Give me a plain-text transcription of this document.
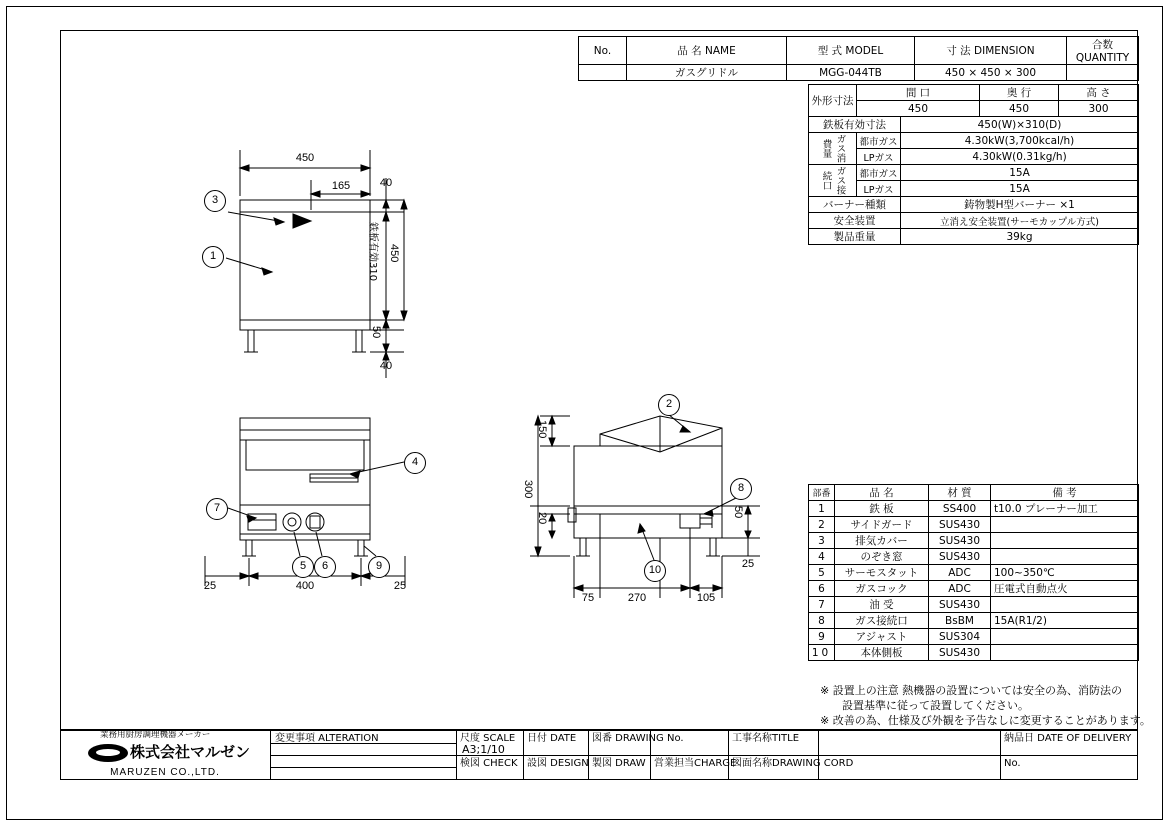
No.	品 名 NAME	型 式 MODEL	寸 法 DIMENSION	合数 QUANTITY
	ガスグリドル	MGG-044TB	450 × 450 × 300	
外形寸法	間 口		奥 行	高 さ
	450		450	300
鉄板有効寸法		450(W)×310(D)		
ガス消費量	都市ガス	4.30kW(3,700kcal/h)		
	LPガス	4.30kW(0.31kg/h)		
ガス接続口	都市ガス	15A		
	LPガス	15A		
バーナー種類		鋳物製H型バーナー ×1		
安全装置		立消え安全装置(サーモカップル方式)		
製品重量		39kg		
部番	品 名	材 質	備 考
1	鉄 板	SS400	t10.0 プレーナー加工
2	サイドガード	SUS430	
3	排気カバー	SUS430	
4	のぞき窓	SUS430	
5	サーモスタット	ADC	100~350℃
6	ガスコック	ADC	圧電式自動点火
7	油 受	SUS430	
8	ガス接続口	BsBM	15A(R1/2)
9	アジャスト	SUS304	
10	本体側板	SUS430	
※ 設置上の注意 熱機器の設置については安全の為、消防法の
　　設置基準に従って設置してください。
※ 改善の為、仕様及び外観を予告なしに変更することがあります。
450
165	40
鉄板有効310 450
50
40
3
1
4
7
5	6	9
25	400	25
2
8
10
150
300
20	50
25
75	270	105
変更事項 ALTERATION	尺度 SCALE
A3;1/10
日付 DATE 図番 DRAWING No.	工事名称TITLE	納品日 DATE OF DELIVERY
検図 CHECK 設図 DESIGN 製図 DRAW 営業担当CHARGE
図面名称DRAWING CORD	No.
業務用厨房調理機器メーカー
株式会社マルゼン
MARUZEN CO.,LTD.
